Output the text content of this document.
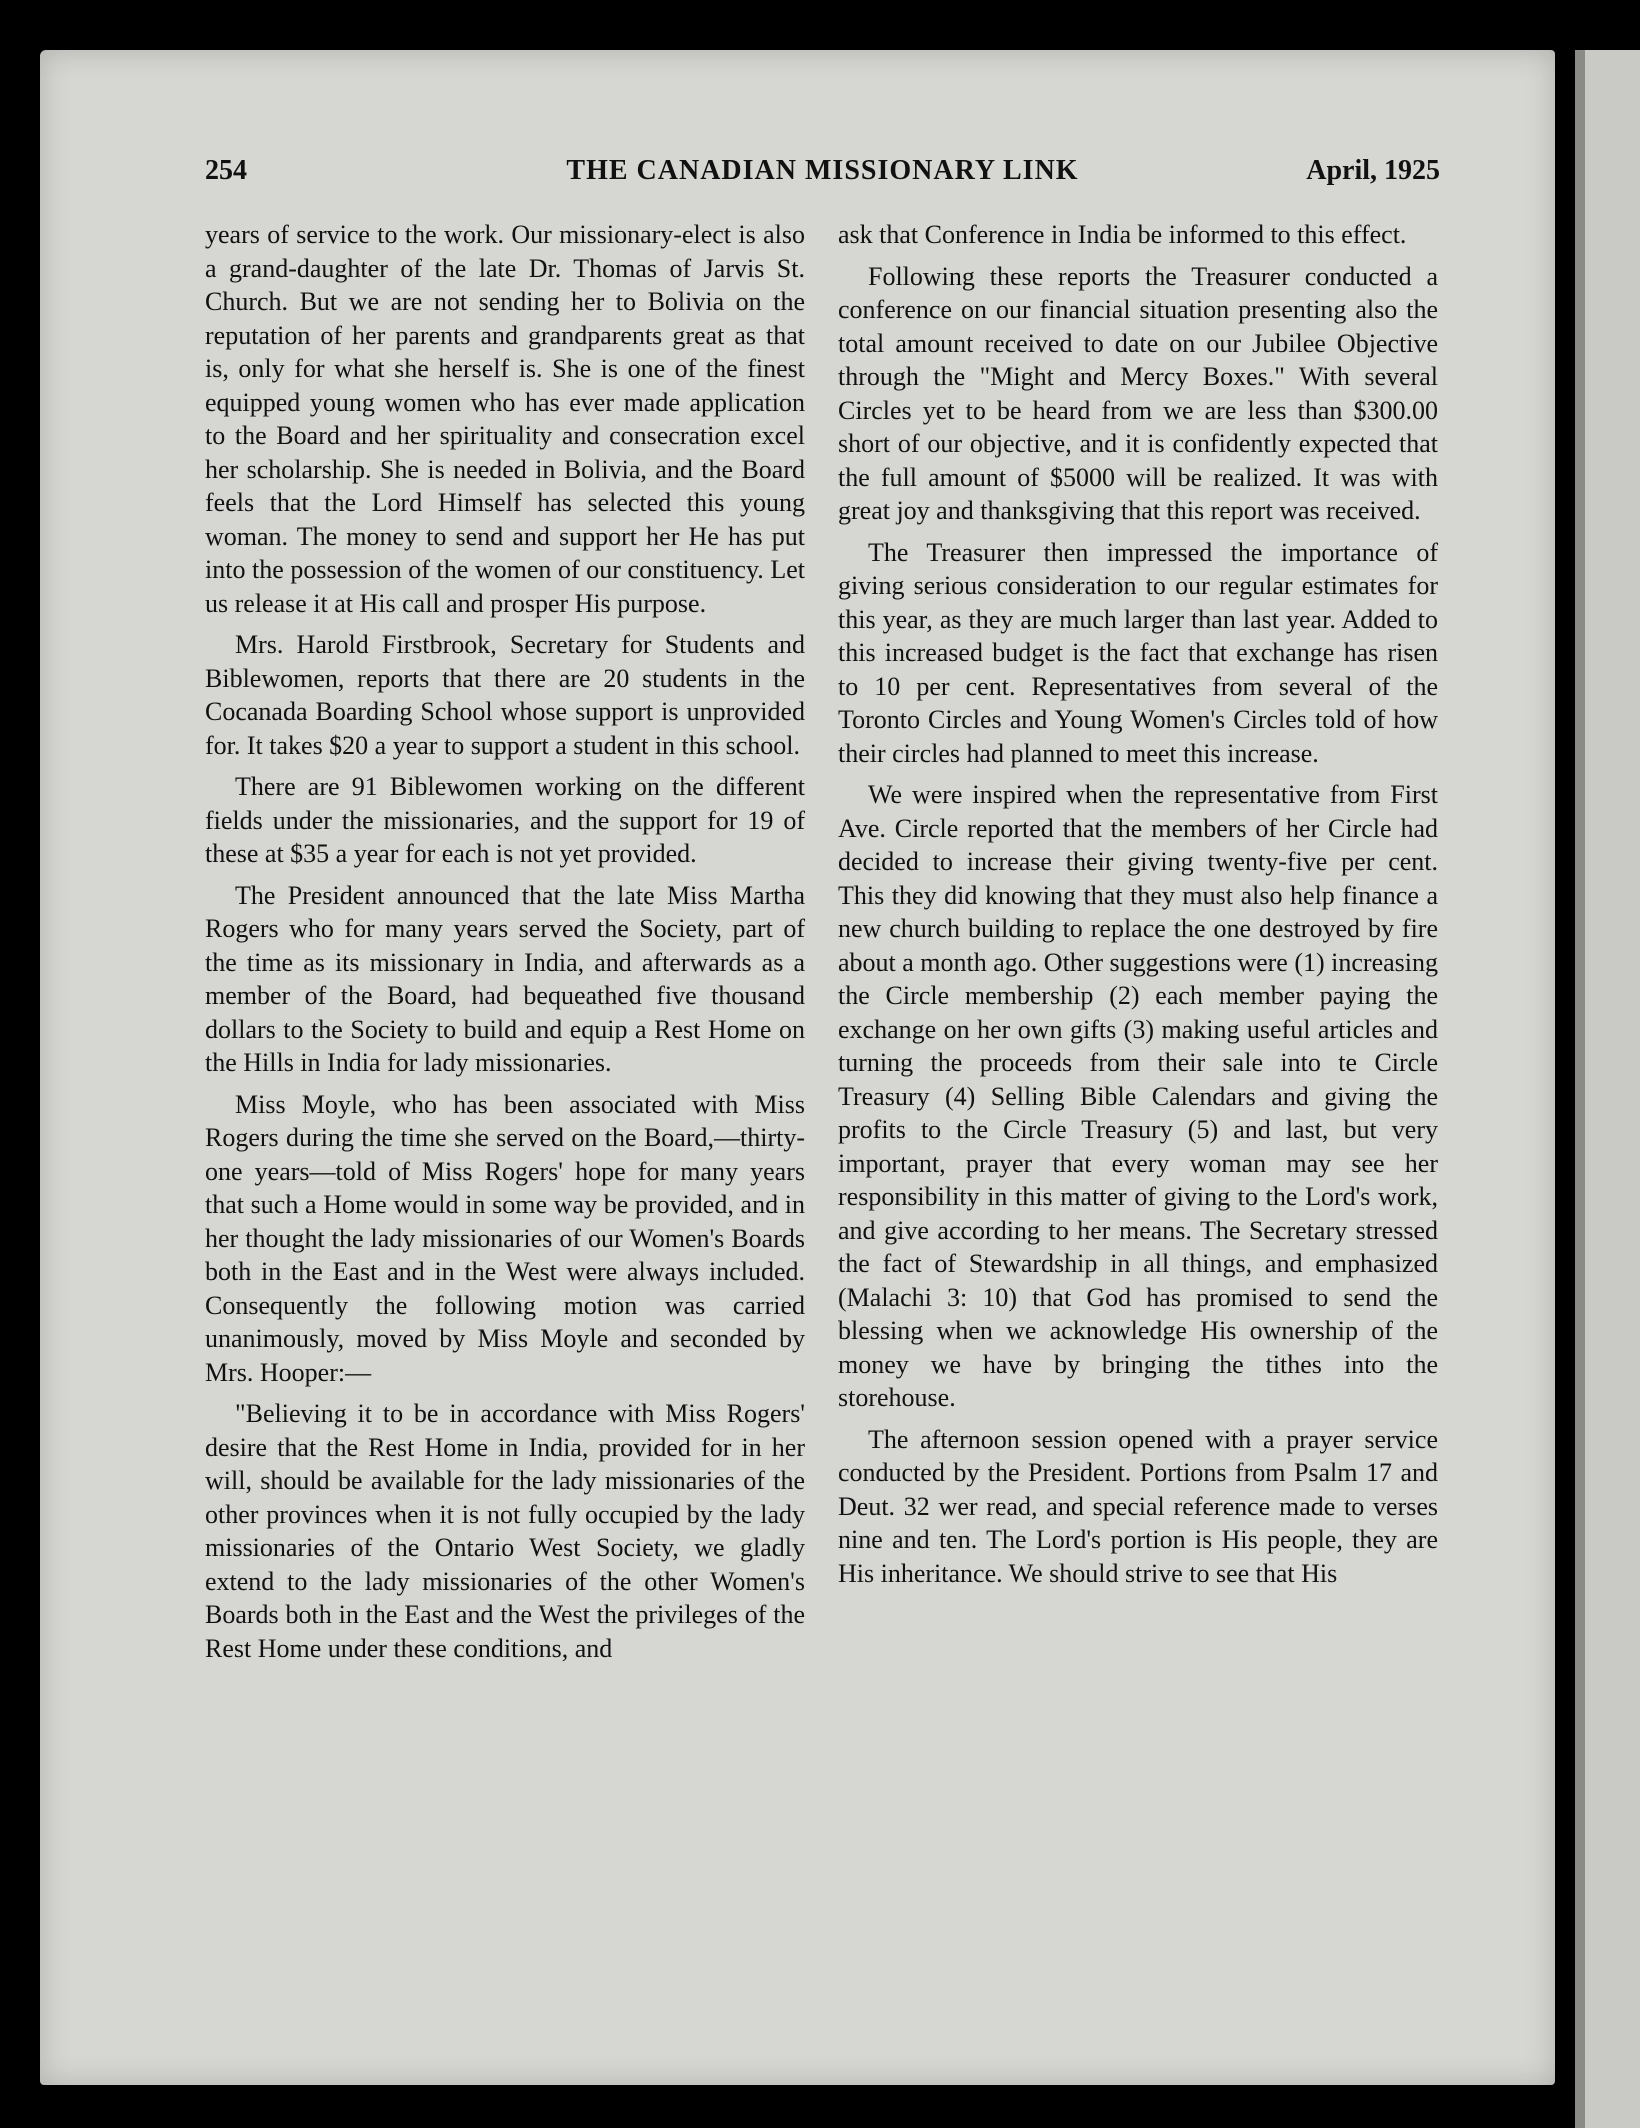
254	THE CANADIAN MISSIONARY LINK	April, 1925

years of service to the work. Our missionary-elect is also a grand-daughter of the late Dr. Thomas of Jarvis St. Church. But we are not sending her to Bolivia on the reputation of her parents and grandparents great as that is, only for what she herself is. She is one of the finest equipped young women who has ever made application to the Board and her spirituality and consecration excel her scholarship. She is needed in Bolivia, and the Board feels that the Lord Himself has selected this young woman. The money to send and support her He has put into the possession of the women of our constituency. Let us release it at His call and prosper His purpose.

Mrs. Harold Firstbrook, Secretary for Students and Biblewomen, reports that there are 20 students in the Cocanada Boarding School whose support is unprovided for. It takes $20 a year to support a student in this school.

There are 91 Biblewomen working on the different fields under the missionaries, and the support for 19 of these at $35 a year for each is not yet provided.

The President announced that the late Miss Martha Rogers who for many years served the Society, part of the time as its missionary in India, and afterwards as a member of the Board, had bequeathed five thousand dollars to the Society to build and equip a Rest Home on the Hills in India for lady missionaries.

Miss Moyle, who has been associated with Miss Rogers during the time she served on the Board,—thirty-one years—told of Miss Rogers' hope for many years that such a Home would in some way be provided, and in her thought the lady missionaries of our Women's Boards both in the East and in the West were always included. Consequently the following motion was carried unanimously, moved by Miss Moyle and seconded by Mrs. Hooper:—

"Believing it to be in accordance with Miss Rogers' desire that the Rest Home in India, provided for in her will, should be available for the lady missionaries of the other provinces when it is not fully occupied by the lady missionaries of the Ontario West Society, we gladly extend to the lady missionaries of the other Women's Boards both in the East and the West the privileges of the Rest Home under these conditions, and

ask that Conference in India be informed to this effect.

Following these reports the Treasurer conducted a conference on our financial situation presenting also the total amount received to date on our Jubilee Objective through the "Might and Mercy Boxes." With several Circles yet to be heard from we are less than $300.00 short of our objective, and it is confidently expected that the full amount of $5000 will be realized. It was with great joy and thanksgiving that this report was received.

The Treasurer then impressed the importance of giving serious consideration to our regular estimates for this year, as they are much larger than last year. Added to this increased budget is the fact that exchange has risen to 10 per cent. Representatives from several of the Toronto Circles and Young Women's Circles told of how their circles had planned to meet this increase.

We were inspired when the representative from First Ave. Circle reported that the members of her Circle had decided to increase their giving twenty-five per cent. This they did knowing that they must also help finance a new church building to replace the one destroyed by fire about a month ago. Other suggestions were (1) increasing the Circle membership (2) each member paying the exchange on her own gifts (3) making useful articles and turning the proceeds from their sale into te Circle Treasury (4) Selling Bible Calendars and giving the profits to the Circle Treasury (5) and last, but very important, prayer that every woman may see her responsibility in this matter of giving to the Lord's work, and give according to her means. The Secretary stressed the fact of Stewardship in all things, and emphasized (Malachi 3: 10) that God has promised to send the blessing when we acknowledge His ownership of the money we have by bringing the tithes into the storehouse.

The afternoon session opened with a prayer service conducted by the President. Portions from Psalm 17 and Deut. 32 wer read, and special reference made to verses nine and ten. The Lord's portion is His people, they are His inheritance. We should strive to see that His
